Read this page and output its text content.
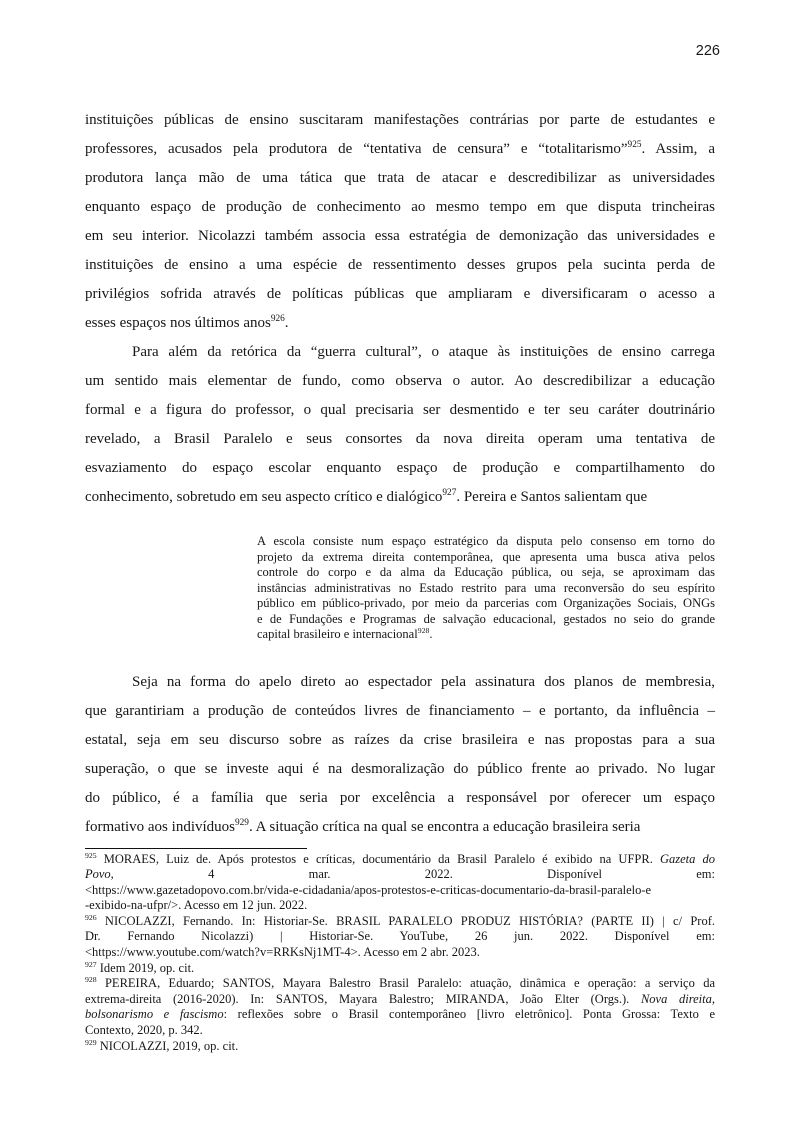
226
instituições públicas de ensino suscitaram manifestações contrárias por parte de estudantes e
professores, acusados pela produtora de “tentativa de censura” e “totalitarismo”$^{925}$. Assim, a
produtora lança mão de uma tática que trata de atacar e descredibilizar as universidades
enquanto espaço de produção de conhecimento ao mesmo tempo em que disputa trincheiras
em seu interior. Nicolazzi também associa essa estratégia de demonização das universidades e
instituições de ensino a uma espécie de ressentimento desses grupos pela sucinta perda de
privilégios sofrida através de políticas públicas que ampliaram e diversificaram o acesso a
esses espaços nos últimos anos$^{926}$.
Para além da retórica da “guerra cultural”, o ataque às instituições de ensino carrega
um sentido mais elementar de fundo, como observa o autor. Ao descredibilizar a educação
formal e a figura do professor, o qual precisaria ser desmentido e ter seu caráter doutrinário
revelado, a Brasil Paralelo e seus consortes da nova direita operam uma tentativa de
esvaziamento do espaço escolar enquanto espaço de produção e compartilhamento do
conhecimento, sobretudo em seu aspecto crítico e dialógico$^{927}$. Pereira e Santos salientam que
A escola consiste num espaço estratégico da disputa pelo consenso em torno do
projeto da extrema direita contemporânea, que apresenta uma busca ativa pelos
controle do corpo e da alma da Educação pública, ou seja, se aproximam das
instâncias administrativas no Estado restrito para uma reconversão do seu espírito
público em público-privado, por meio da parcerias com Organizações Sociais, ONGs
e de Fundações e Programas de salvação educacional, gestados no seio do grande
capital brasileiro e internacional$^{928}$.
Seja na forma do apelo direto ao espectador pela assinatura dos planos de membresia,
que garantiriam a produção de conteúdos livres de financiamento – e portanto, da influência –
estatal, seja em seu discurso sobre as raízes da crise brasileira e nas propostas para a sua
superação, o que se investe aqui é na desmoralização do público frente ao privado. No lugar
do público, é a família que seria por excelência a responsável por oferecer um espaço
formativo aos indivíduos$^{929}$. A situação crítica na qual se encontra a educação brasileira seria
$^{925}$ MORAES, Luiz de. Após protestos e críticas, documentário da Brasil Paralelo é exibido na UFPR. Gazeta do
Povo, 4 mar. 2022. Disponível em:
<https://www.gazetadopovo.com.br/vida-e-cidadania/apos-protestos-e-criticas-documentario-da-brasil-paralelo-e
-exibido-na-ufpr/>. Acesso em 12 jun. 2022.
$^{926}$ NICOLAZZI, Fernando. In: Historiar-Se. BRASIL PARALELO PRODUZ HISTÓRIA? (PARTE II) | c/ Prof.
Dr. Fernando Nicolazzi) | Historiar-Se. YouTube, 26 jun. 2022. Disponível em:
<https://www.youtube.com/watch?v=RRKsNj1MT-4>. Acesso em 2 abr. 2023.
$^{927}$ Idem 2019, op. cit.
$^{928}$ PEREIRA, Eduardo; SANTOS, Mayara Balestro Brasil Paralelo: atuação, dinâmica e operação: a serviço da
extrema-direita (2016-2020). In: SANTOS, Mayara Balestro; MIRANDA, João Elter (Orgs.). Nova direita,
bolsonarismo e fascismo: reflexões sobre o Brasil contemporâneo [livro eletrônico]. Ponta Grossa: Texto e
Contexto, 2020, p. 342.
$^{929}$ NICOLAZZI, 2019, op. cit.
